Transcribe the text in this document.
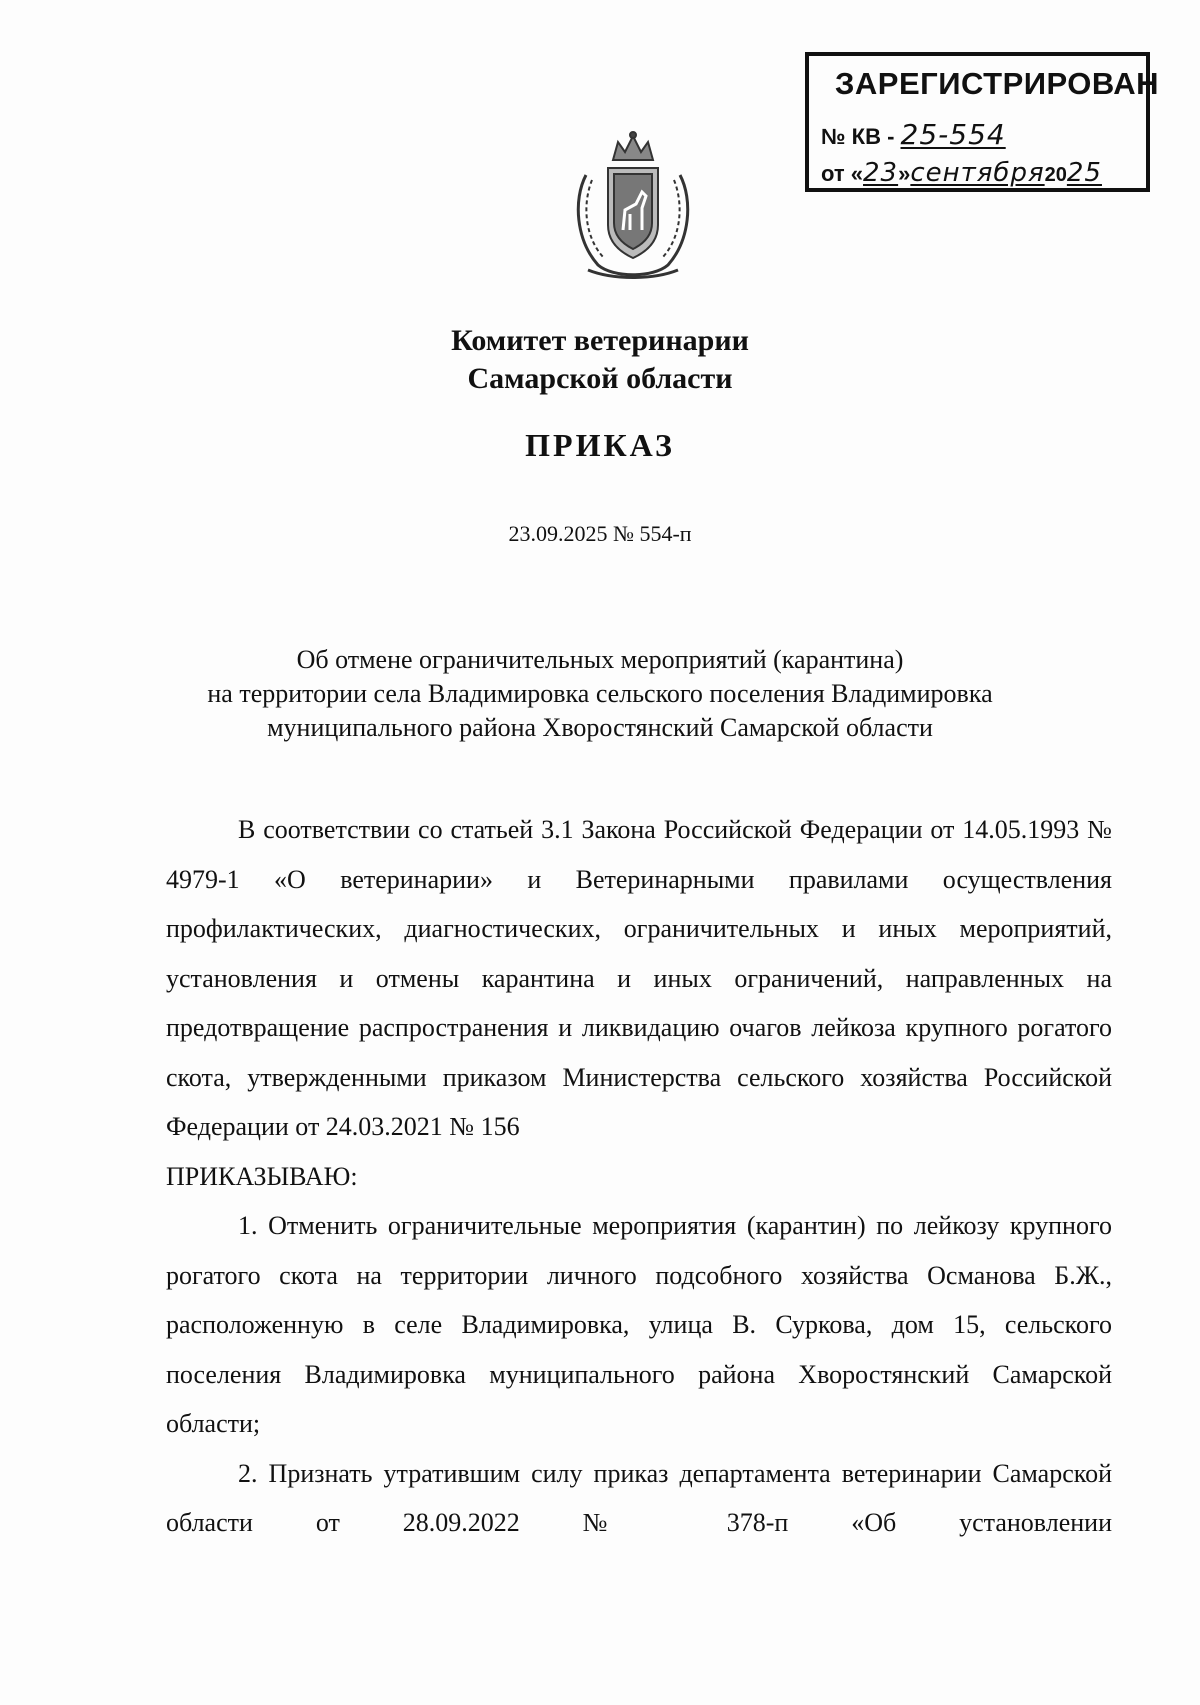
ЗАРЕГИСТРИРОВАН
№ КВ - 25-554
от «23»сентября2025
Комитет ветеринарии
Самарской области
ПРИКАЗ
23.09.2025 № 554-п
Об отмене ограничительных мероприятий (карантина)
на территории села Владимировка сельского поселения Владимировка
муниципального района Хворостянский Самарской области

В соответствии со статьей 3.1 Закона Российской Федерации от 14.05.1993 № 4979-1 «О ветеринарии» и Ветеринарными правилами осуществления профилактических, диагностических, ограничительных и иных мероприятий, установления и отмены карантина и иных ограничений, направленных на предотвращение распространения и ликвидацию очагов лейкоза крупного рогатого скота, утвержденными приказом Министерства сельского хозяйства Российской Федерации от 24.03.2021 № 156

ПРИКАЗЫВАЮ:

1. Отменить ограничительные мероприятия (карантин) по лейкозу крупного рогатого скота на территории личного подсобного хозяйства Османова Б.Ж., расположенную в селе Владимировка, улица В. Суркова, дом 15, сельского поселения Владимировка муниципального района Хворостянский Самарской области;

2. Признать утратившим силу приказ департамента ветеринарии Самарской области от 28.09.2022 № 378-п «Об установлении
